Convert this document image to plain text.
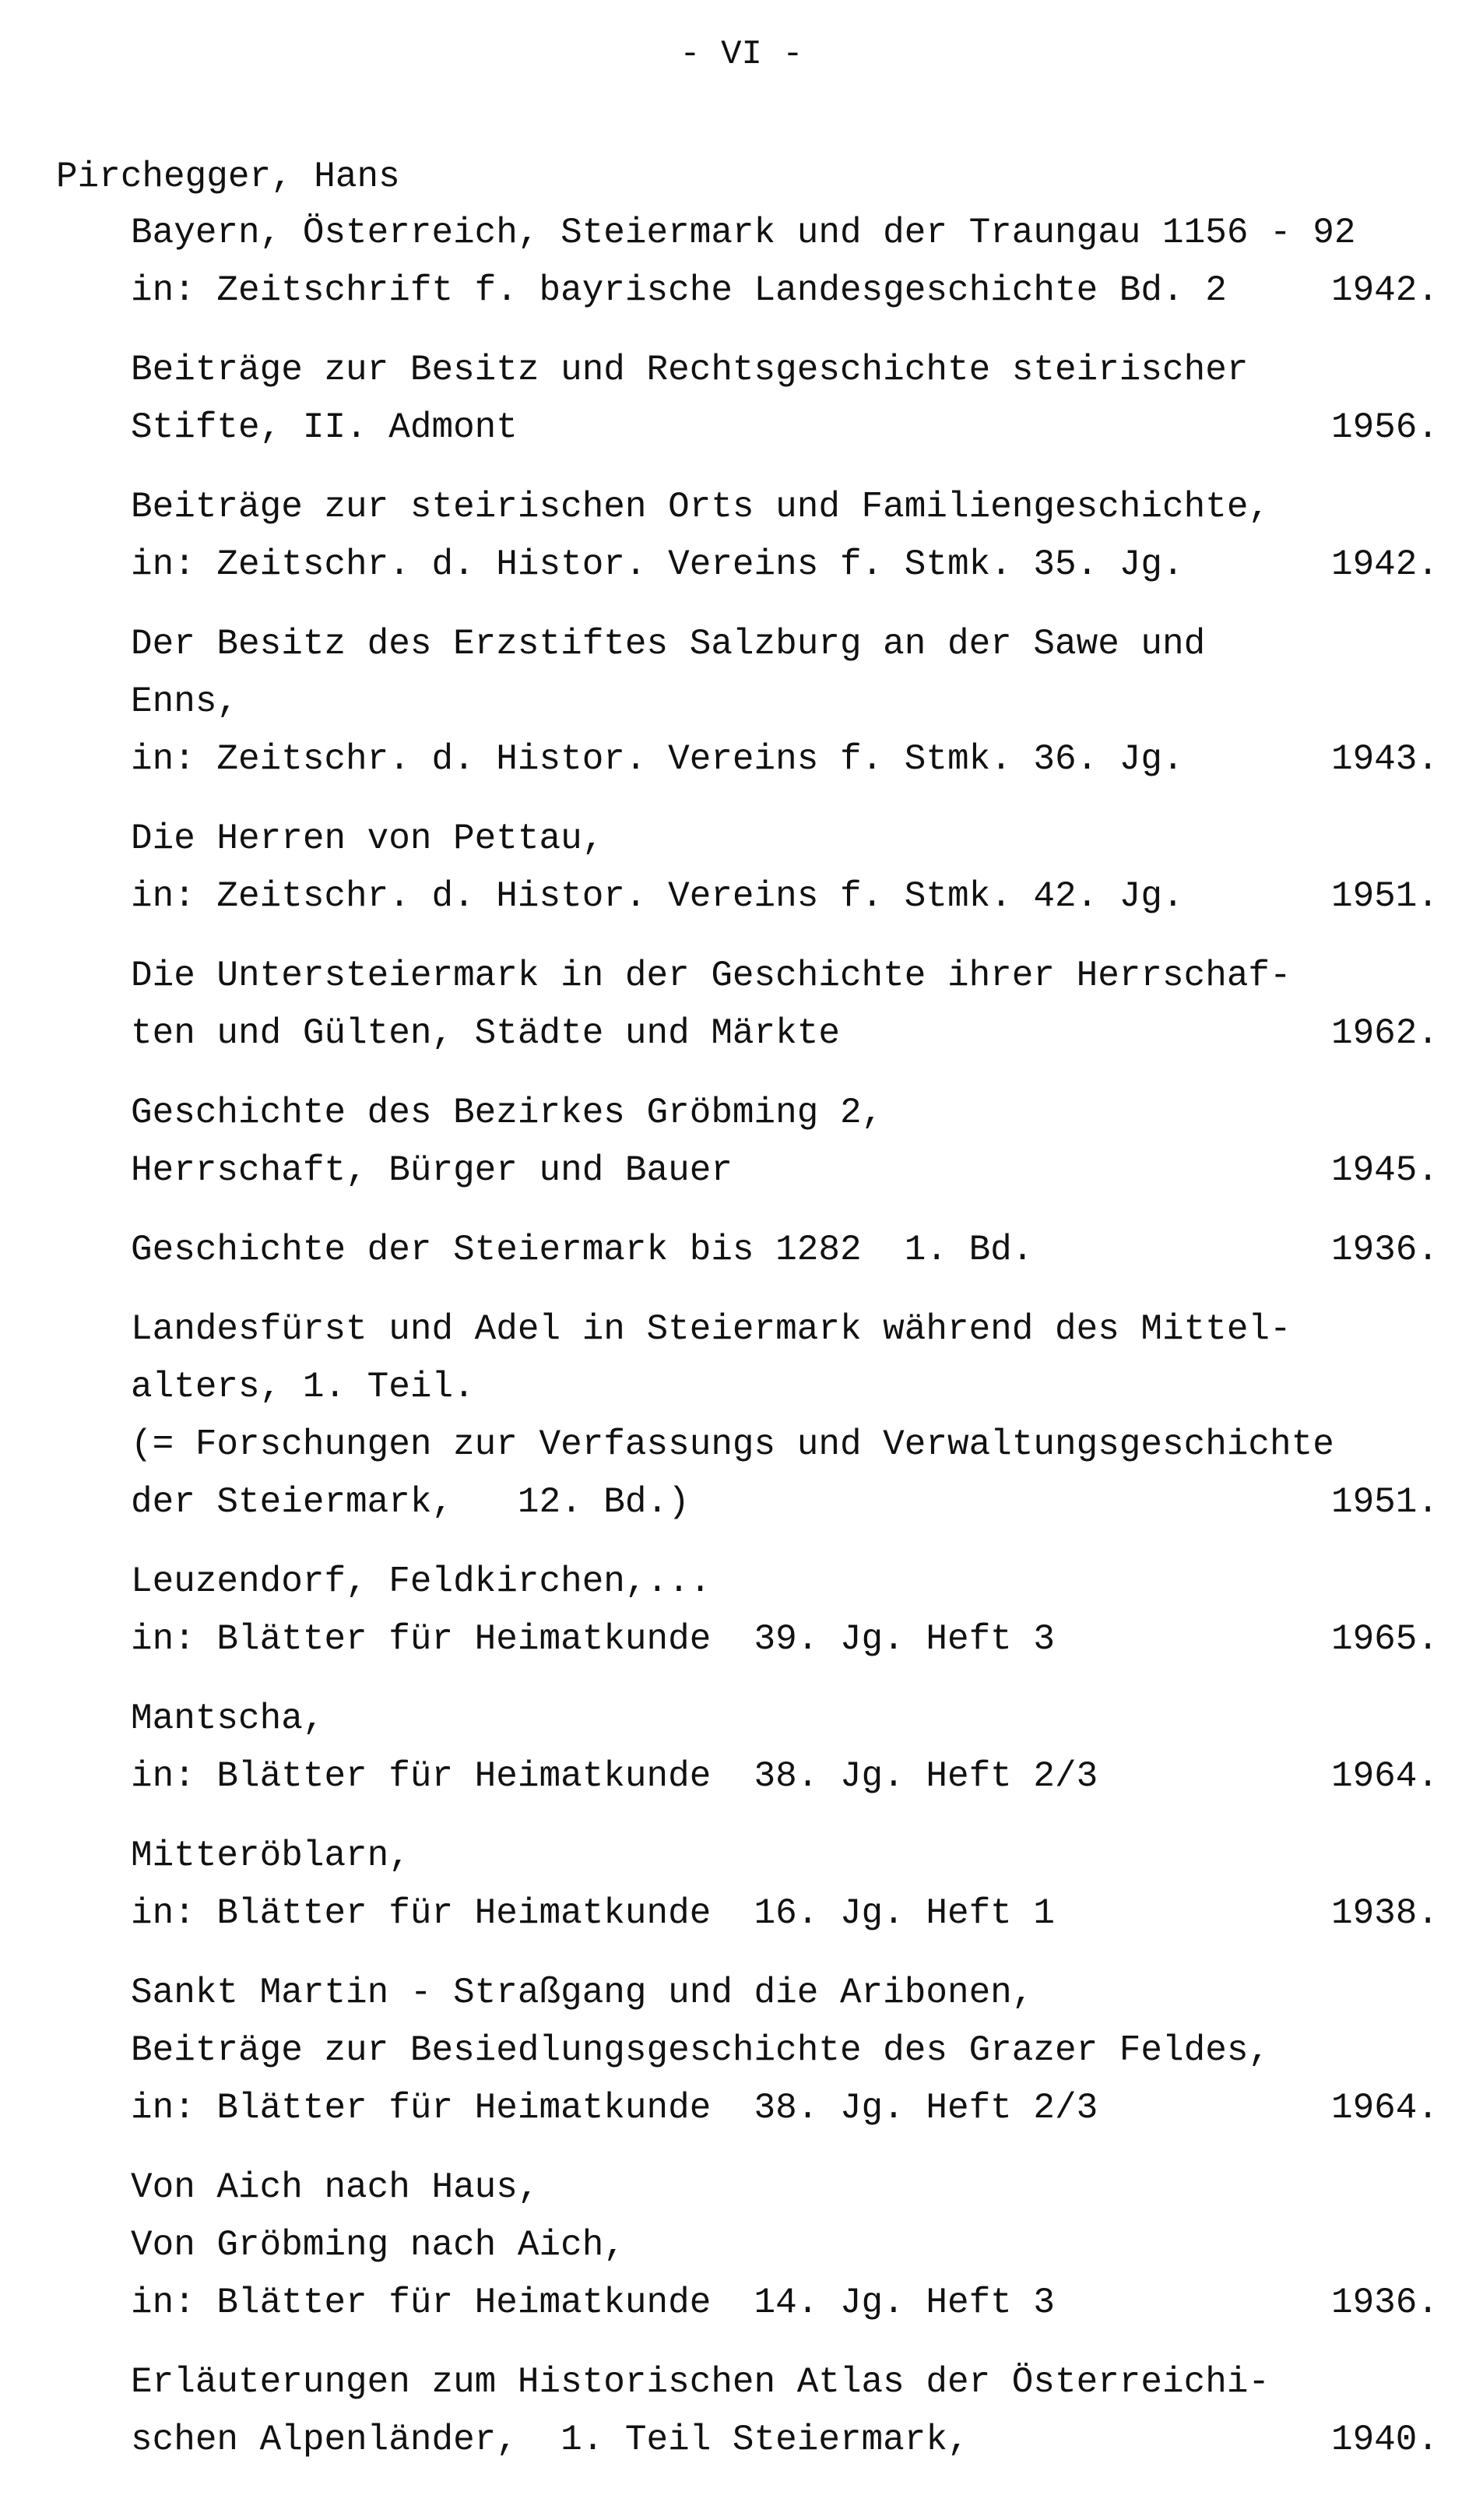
- VI -
Pirchegger, Hans
Bayern, Österreich, Steiermark und der Traungau 1156 - 92
in: Zeitschrift f. bayrische Landesgeschichte Bd. 2	1942.
Beiträge zur Besitz und Rechtsgeschichte steirischer
Stifte, II. Admont	1956.
Beiträge zur steirischen Orts und Familiengeschichte,
in: Zeitschr. d. Histor. Vereins f. Stmk. 35. Jg.	1942.
Der Besitz des Erzstiftes Salzburg an der Sawe und
Enns,
in: Zeitschr. d. Histor. Vereins f. Stmk. 36. Jg.	1943.
Die Herren von Pettau,
in: Zeitschr. d. Histor. Vereins f. Stmk. 42. Jg.	1951.
Die Untersteiermark in der Geschichte ihrer Herrschaf-
ten und Gülten, Städte und Märkte	1962.
Geschichte des Bezirkes Gröbming 2,
Herrschaft, Bürger und Bauer	1945.
Geschichte der Steiermark bis 1282  1. Bd.	1936.
Landesfürst und Adel in Steiermark während des Mittel-
alters, 1. Teil.
(= Forschungen zur Verfassungs und Verwaltungsgeschichte
der Steiermark,   12. Bd.)	1951.
Leuzendorf, Feldkirchen,...
in: Blätter für Heimatkunde  39. Jg. Heft 3	1965.
Mantscha,
in: Blätter für Heimatkunde  38. Jg. Heft 2/3	1964.
Mitteröblarn,
in: Blätter für Heimatkunde  16. Jg. Heft 1	1938.
Sankt Martin - Straßgang und die Aribonen,
Beiträge zur Besiedlungsgeschichte des Grazer Feldes,
in: Blätter für Heimatkunde  38. Jg. Heft 2/3	1964.
Von Aich nach Haus,
Von Gröbming nach Aich,
in: Blätter für Heimatkunde  14. Jg. Heft 3	1936.
Erläuterungen zum Historischen Atlas der Österreichi-
schen Alpenländer,  1. Teil Steiermark,	1940.
